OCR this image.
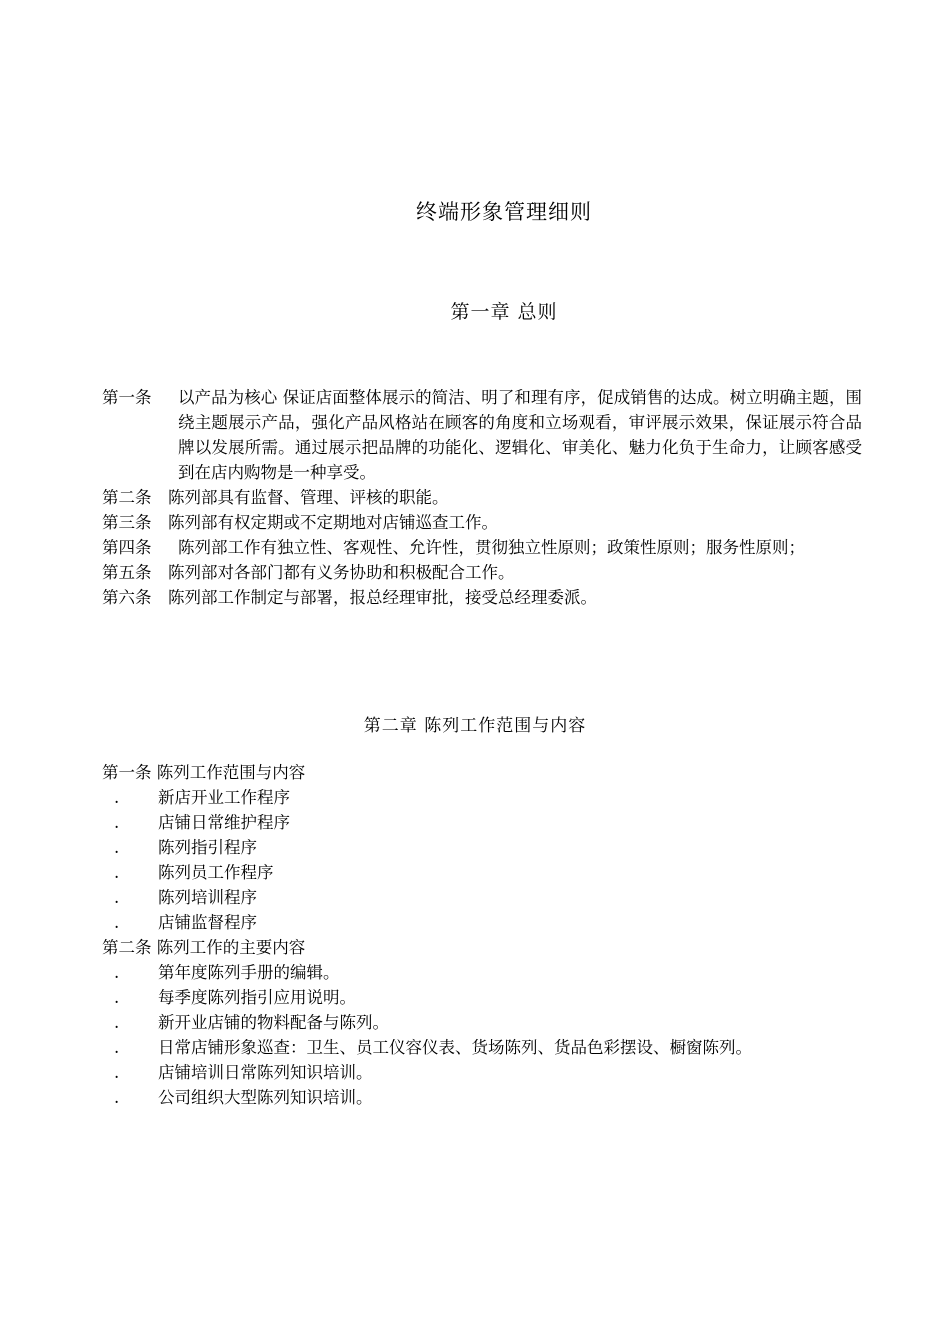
终端形象管理细则
第一章 总则
第一条 以产品为核心 保证店面整体展示的简洁、明了和理有序，促成销售的达成。树立明确主题，围绕主题展示产品，强化产品风格站在顾客的角度和立场观看，审评展示效果，保证展示符合品牌以发展所需。通过展示把品牌的功能化、逻辑化、审美化、魅力化负于生命力，让顾客感受到在店内购物是一种享受。
第二条 陈列部具有监督、管理、评核的职能。
第三条 陈列部有权定期或不定期地对店铺巡查工作。
第四条 陈列部工作有独立性、客观性、允许性，贯彻独立性原则；政策性原则；服务性原则；
第五条 陈列部对各部门都有义务协助和积极配合工作。
第六条 陈列部工作制定与部署，报总经理审批，接受总经理委派。
第二章 陈列工作范围与内容
第一条 陈列工作范围与内容
. 新店开业工作程序
. 店铺日常维护程序
. 陈列指引程序
. 陈列员工作程序
. 陈列培训程序
. 店铺监督程序
第二条 陈列工作的主要内容
. 第年度陈列手册的编辑。
. 每季度陈列指引应用说明。
. 新开业店铺的物料配备与陈列。
. 日常店铺形象巡查：卫生、员工仪容仪表、货场陈列、货品色彩摆设、橱窗陈列。
. 店铺培训日常陈列知识培训。
. 公司组织大型陈列知识培训。
